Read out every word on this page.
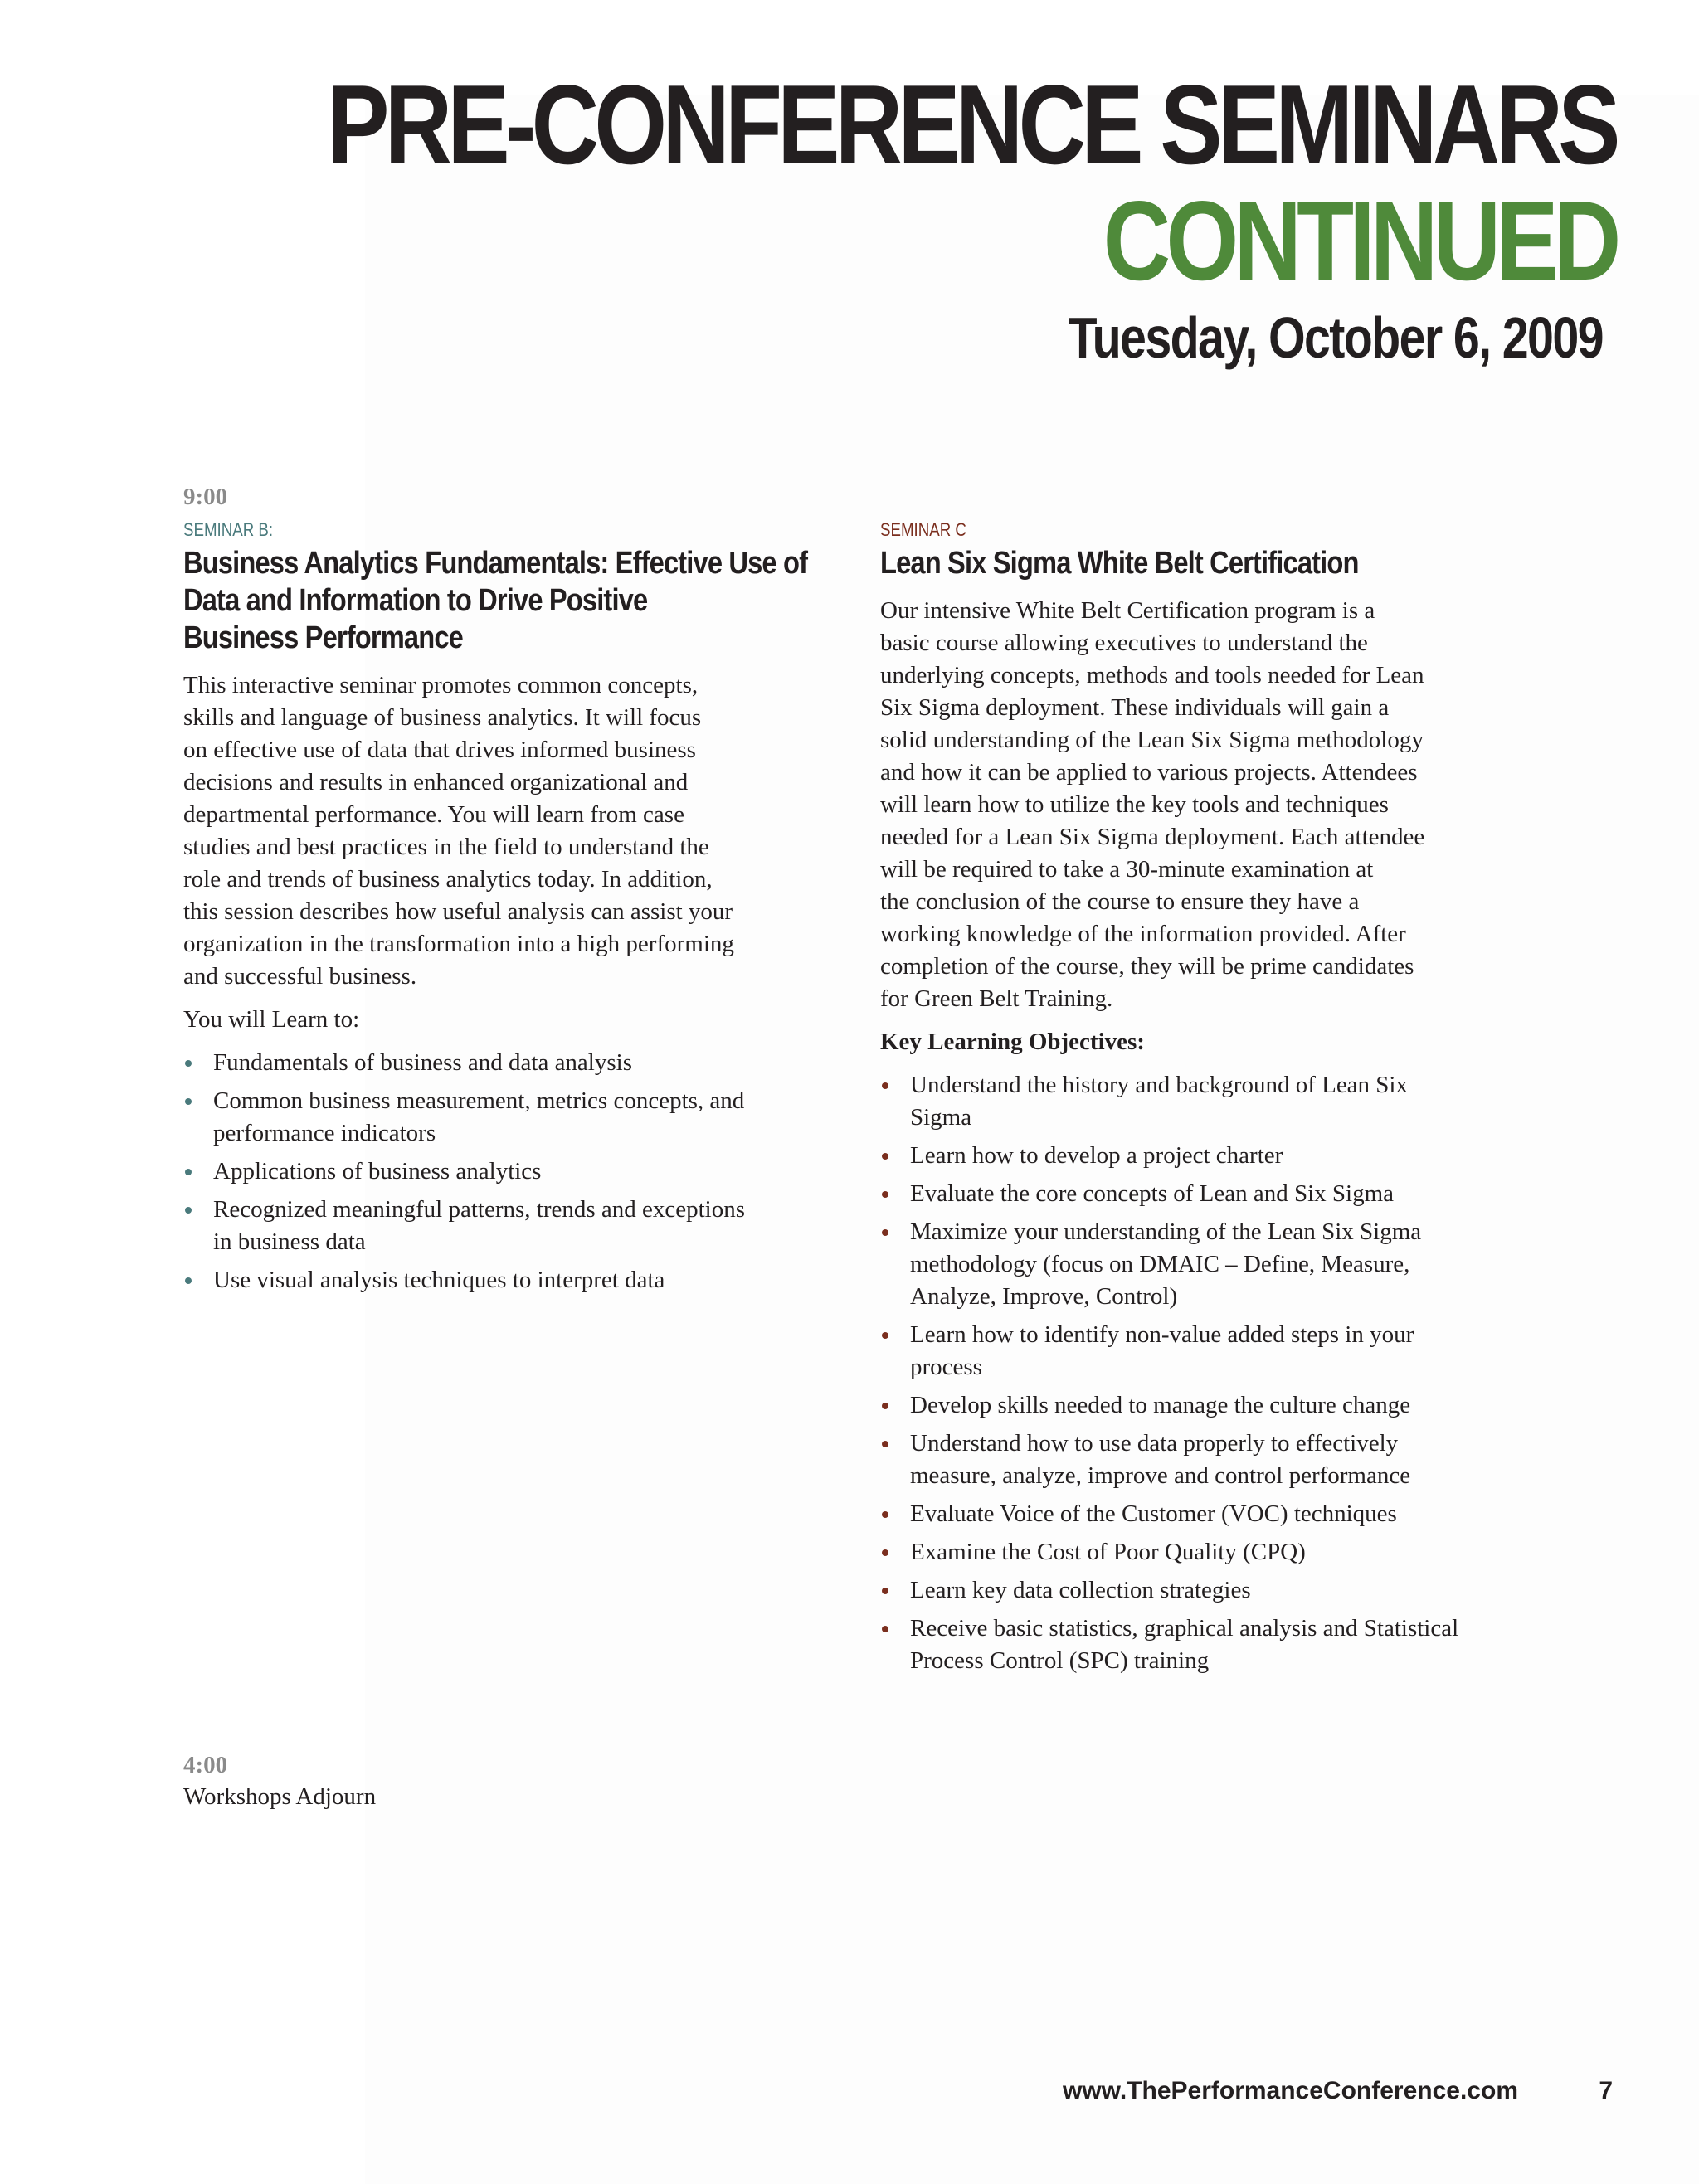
PRE-CONFERENCE SEMINARS
CONTINUED
Tuesday, October 6, 2009
9:00
SEMINAR B:
Business Analytics Fundamentals: Effective Use of
Data and Information to Drive Positive
Business Performance
This interactive seminar promotes common concepts,
skills and language of business analytics. It will focus
on effective use of data that drives informed business
decisions and results in enhanced organizational and
departmental performance. You will learn from case
studies and best practices in the field to understand the
role and trends of business analytics today. In addition,
this session describes how useful analysis can assist your
organization in the transformation into a high performing
and successful business.
You will Learn to:
Fundamentals of business and data analysis
Common business measurement, metrics concepts, and
performance indicators
Applications of business analytics
Recognized meaningful patterns, trends and exceptions
in business data
Use visual analysis techniques to interpret data
SEMINAR C
Lean Six Sigma White Belt Certification
Our intensive White Belt Certification program is a
basic course allowing executives to understand the
underlying concepts, methods and tools needed for Lean
Six Sigma deployment. These individuals will gain a
solid understanding of the Lean Six Sigma methodology
and how it can be applied to various projects. Attendees
will learn how to utilize the key tools and techniques
needed for a Lean Six Sigma deployment. Each attendee
will be required to take a 30-minute examination at
the conclusion of the course to ensure they have a
working knowledge of the information provided. After
completion of the course, they will be prime candidates
for Green Belt Training.
Key Learning Objectives:
Understand the history and background of Lean Six
Sigma
Learn how to develop a project charter
Evaluate the core concepts of Lean and Six Sigma
Maximize your understanding of the Lean Six Sigma
methodology (focus on DMAIC – Define, Measure,
Analyze, Improve, Control)
Learn how to identify non-value added steps in your
process
Develop skills needed to manage the culture change
Understand how to use data properly to effectively
measure, analyze, improve and control performance
Evaluate Voice of the Customer (VOC) techniques
Examine the Cost of Poor Quality (CPQ)
Learn key data collection strategies
Receive basic statistics, graphical analysis and Statistical
Process Control (SPC) training
4:00
Workshops Adjourn
www.ThePerformanceConference.com	7
